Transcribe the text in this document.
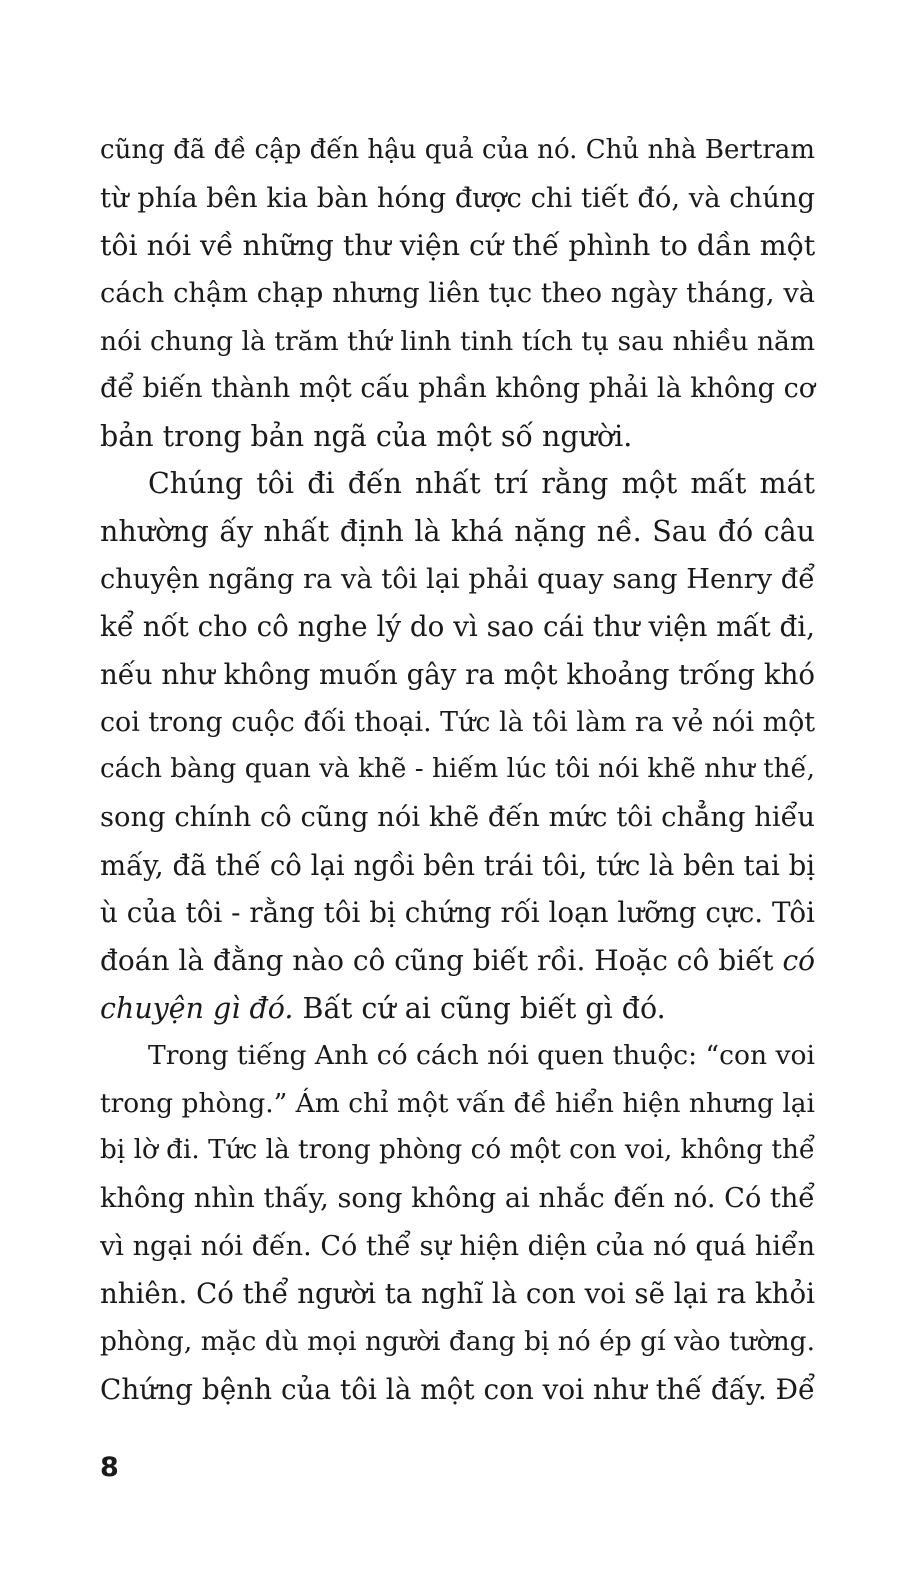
cũng đã đề cập đến hậu quả của nó. Chủ nhà Bertram
từ phía bên kia bàn hóng được chi tiết đó, và chúng
tôi nói về những thư viện cứ thế phình to dần một
cách chậm chạp nhưng liên tục theo ngày tháng, và
nói chung là trăm thứ linh tinh tích tụ sau nhiều năm
để biến thành một cấu phần không phải là không cơ
bản trong bản ngã của một số người.
Chúng tôi đi đến nhất trí rằng một mất mát
nhường ấy nhất định là khá nặng nề. Sau đó câu
chuyện ngãng ra và tôi lại phải quay sang Henry để
kể nốt cho cô nghe lý do vì sao cái thư viện mất đi,
nếu như không muốn gây ra một khoảng trống khó
coi trong cuộc đối thoại. Tức là tôi làm ra vẻ nói một
cách bàng quan và khẽ - hiếm lúc tôi nói khẽ như thế,
song chính cô cũng nói khẽ đến mức tôi chẳng hiểu
mấy, đã thế cô lại ngồi bên trái tôi, tức là bên tai bị
ù của tôi - rằng tôi bị chứng rối loạn lưỡng cực. Tôi
đoán là đằng nào cô cũng biết rồi. Hoặc cô biết có
chuyện gì đó. Bất cứ ai cũng biết gì đó.
Trong tiếng Anh có cách nói quen thuộc: “con voi
trong phòng.” Ám chỉ một vấn đề hiển hiện nhưng lại
bị lờ đi. Tức là trong phòng có một con voi, không thể
không nhìn thấy, song không ai nhắc đến nó. Có thể
vì ngại nói đến. Có thể sự hiện diện của nó quá hiển
nhiên. Có thể người ta nghĩ là con voi sẽ lại ra khỏi
phòng, mặc dù mọi người đang bị nó ép gí vào tường.
Chứng bệnh của tôi là một con voi như thế đấy. Để
8
